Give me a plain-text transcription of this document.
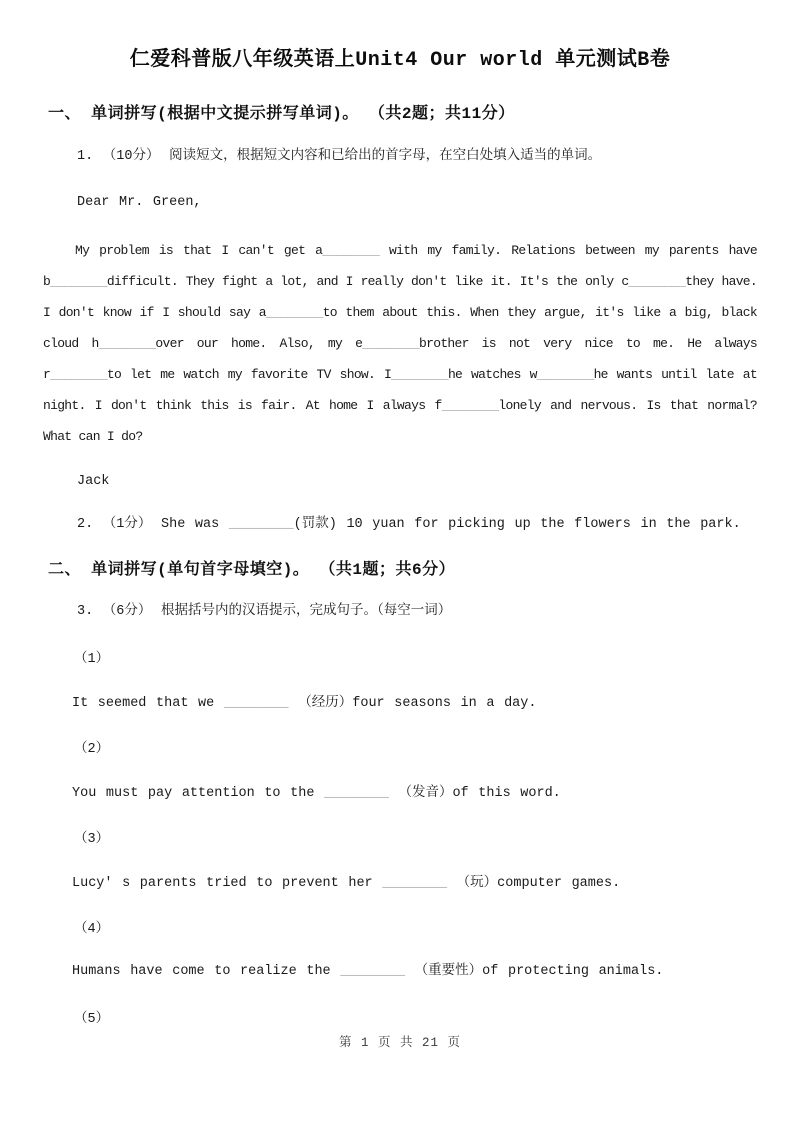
仁爱科普版八年级英语上Unit4 Our world 单元测试B卷
一、 单词拼写(根据中文提示拼写单词)。 （共2题；共11分）
1. （10分） 阅读短文，根据短文内容和已给出的首字母，在空白处填入适当的单词。
Dear Mr. Green,
My problem is that I can't get a________ with my family. Relations between my parents have
b________difficult. They fight a lot, and I really don't like it. It's the only c________they have.
I don't know if I should say a________to them about this. When they argue, it's like a big, black
cloud h________over our home. Also, my e________brother is not very nice to me. He always
r________to let me watch my favorite TV show. I________he watches w________he wants until late at
night. I don't think this is fair. At home I always f________lonely and nervous. Is that normal?
What can I do?
Jack
2. （1分） She was ________(罚款) 10 yuan for picking up the flowers in the park.
二、 单词拼写(单句首字母填空)。 （共1题；共6分）
3. （6分） 根据括号内的汉语提示，完成句子。（每空一词）
（1）
It seemed that we ________ （经历）four seasons in a day.
（2）
You must pay attention to the ________ （发音）of this word.
（3）
Lucy' s parents tried to prevent her ________ （玩）computer games.
（4）
Humans have come to realize the ________ （重要性）of protecting animals.
（5）
第 1 页 共 21 页
